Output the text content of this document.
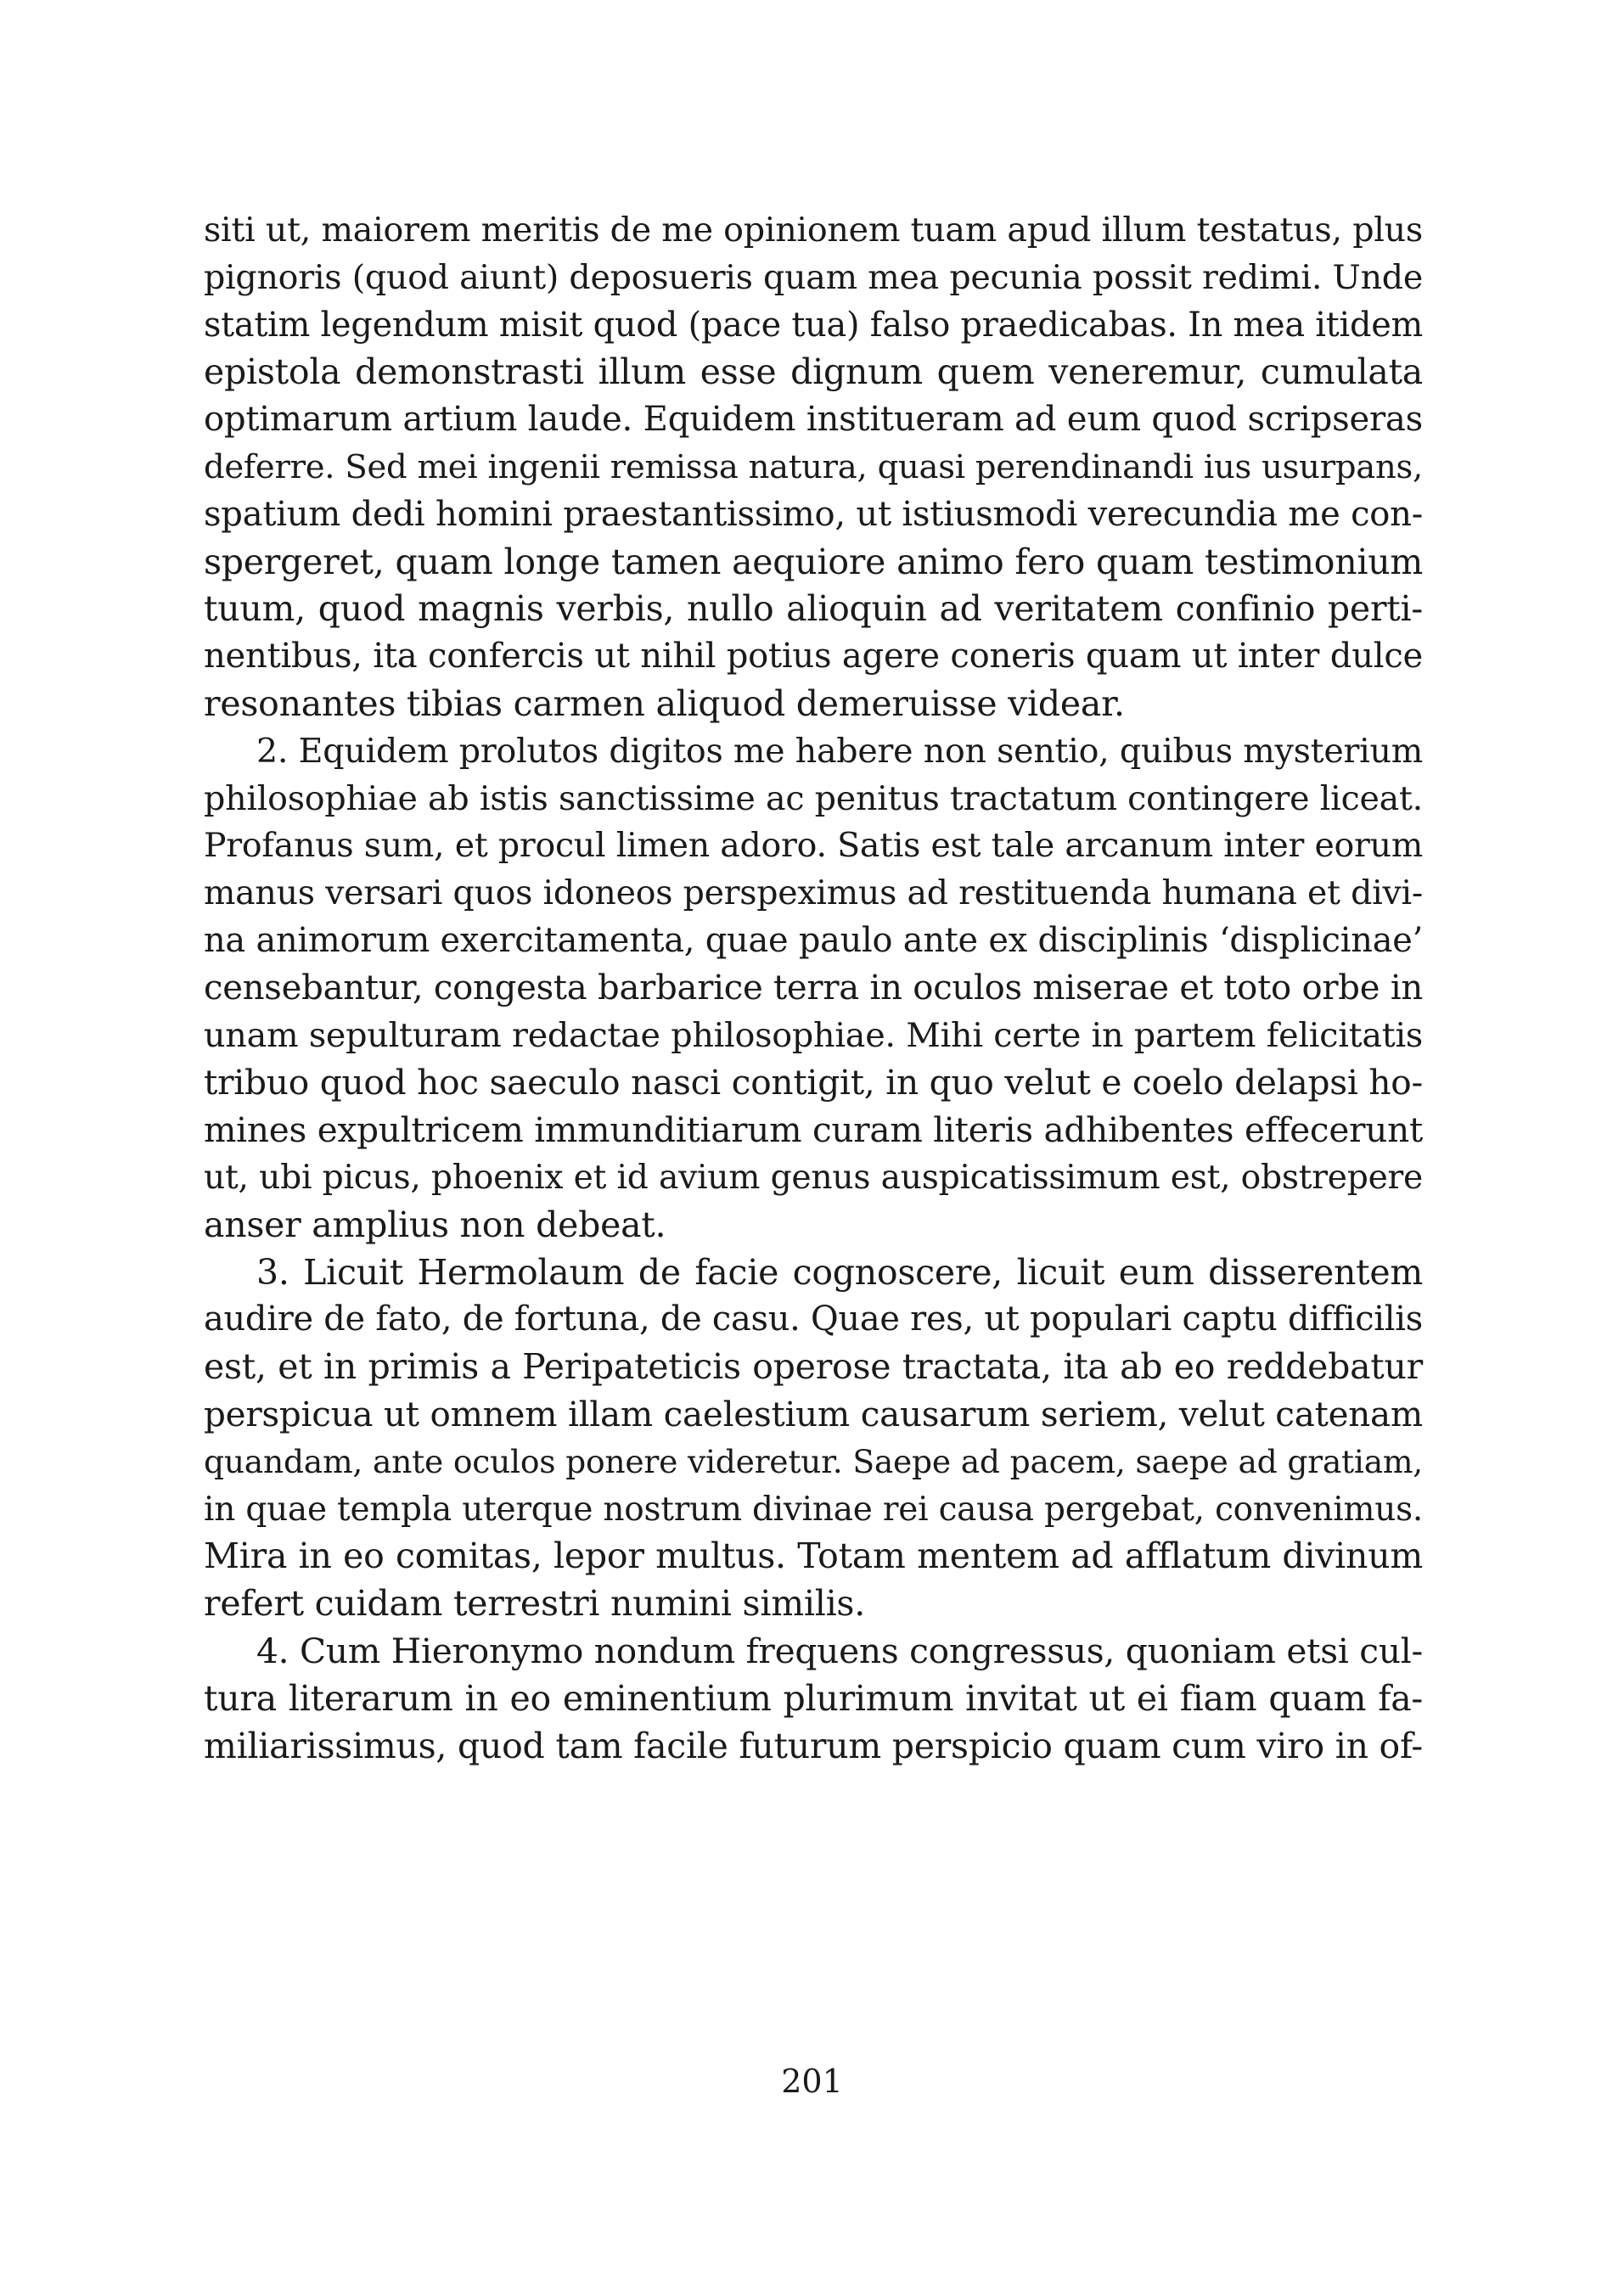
siti ut, maiorem meritis de me opinionem tuam apud illum testatus, plus
pignoris (quod aiunt) deposueris quam mea pecunia possit redimi. Unde
statim legendum misit quod (pace tua) falso praedicabas. In mea itidem
epistola demonstrasti illum esse dignum quem veneremur, cumulata
optimarum artium laude. Equidem institueram ad eum quod scripseras
deferre. Sed mei ingenii remissa natura, quasi perendinandi ius usurpans,
spatium dedi homini praestantissimo, ut istiusmodi verecundia me con-
spergeret, quam longe tamen aequiore animo fero quam testimonium
tuum, quod magnis verbis, nullo alioquin ad veritatem confinio perti-
nentibus, ita confercis ut nihil potius agere coneris quam ut inter dulce
resonantes tibias carmen aliquod demeruisse videar.
2. Equidem prolutos digitos me habere non sentio, quibus mysterium
philosophiae ab istis sanctissime ac penitus tractatum contingere liceat.
Profanus sum, et procul limen adoro. Satis est tale arcanum inter eorum
manus versari quos idoneos perspeximus ad restituenda humana et divi-
na animorum exercitamenta, quae paulo ante ex disciplinis ‘displicinae’
censebantur, congesta barbarice terra in oculos miserae et toto orbe in
unam sepulturam redactae philosophiae. Mihi certe in partem felicitatis
tribuo quod hoc saeculo nasci contigit, in quo velut e coelo delapsi ho-
mines expultricem immunditiarum curam literis adhibentes effecerunt
ut, ubi picus, phoenix et id avium genus auspicatissimum est, obstrepere
anser amplius non debeat.
3. Licuit Hermolaum de facie cognoscere, licuit eum disserentem
audire de fato, de fortuna, de casu. Quae res, ut populari captu difficilis
est, et in primis a Peripateticis operose tractata, ita ab eo reddebatur
perspicua ut omnem illam caelestium causarum seriem, velut catenam
quandam, ante oculos ponere videretur. Saepe ad pacem, saepe ad gratiam,
in quae templa uterque nostrum divinae rei causa pergebat, convenimus.
Mira in eo comitas, lepor multus. Totam mentem ad afflatum divinum
refert cuidam terrestri numini similis.
4. Cum Hieronymo nondum frequens congressus, quoniam etsi cul-
tura literarum in eo eminentium plurimum invitat ut ei fiam quam fa-
miliarissimus, quod tam facile futurum perspicio quam cum viro in of-
201
